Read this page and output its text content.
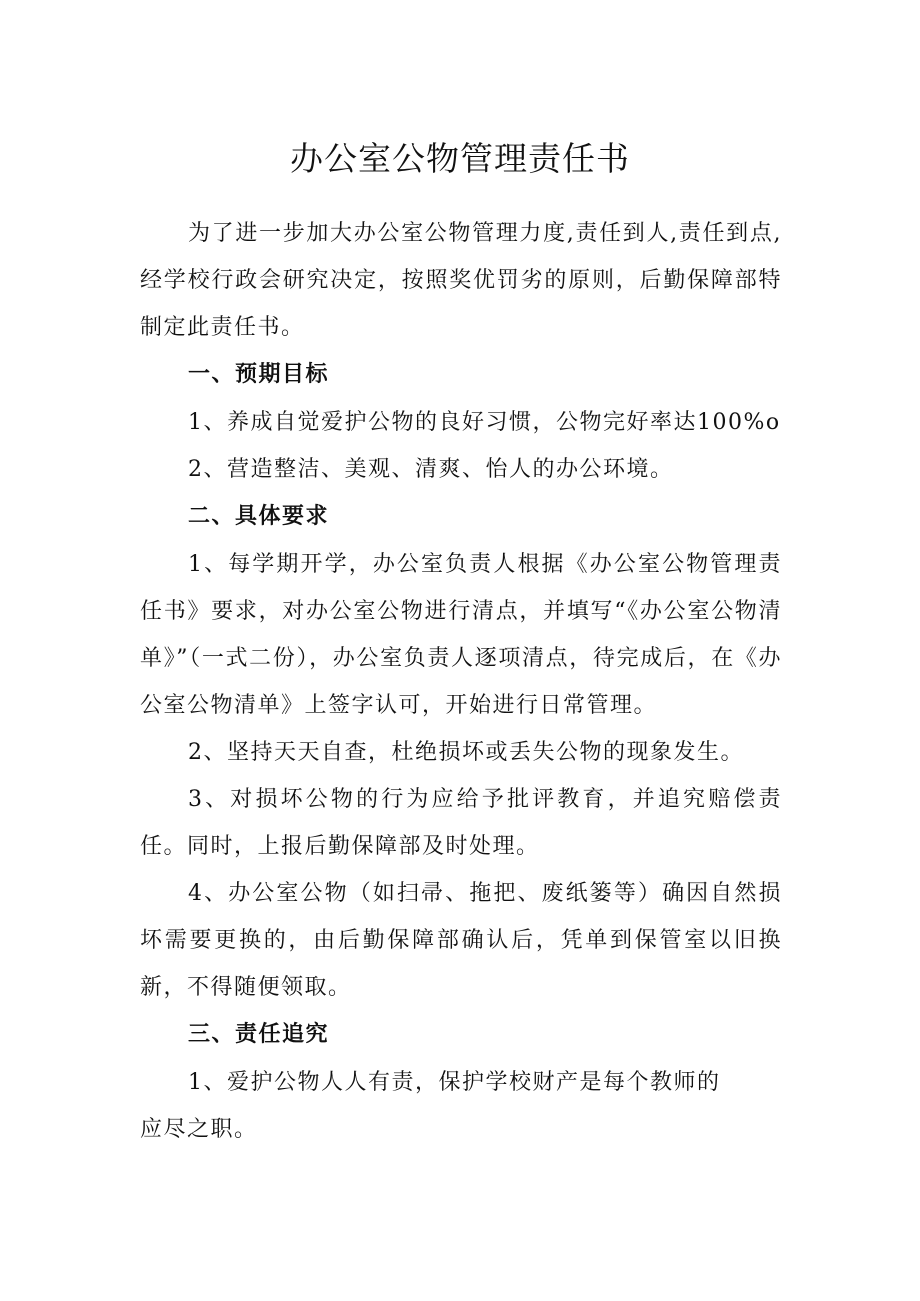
办公室公物管理责任书

为了进一步加大办公室公物管理力度,责任到人,责任到点,经学校行政会研究决定，按照奖优罚劣的原则，后勤保障部特制定此责任书。

一、预期目标

1、养成自觉爱护公物的良好习惯，公物完好率达100%o

2、营造整洁、美观、清爽、怡人的办公环境。

二、具体要求

1、每学期开学，办公室负责人根据《办公室公物管理责任书》要求，对办公室公物进行清点，并填写“《办公室公物清单》”（一式二份），办公室负责人逐项清点，待完成后，在《办公室公物清单》上签字认可，开始进行日常管理。

2、坚持天天自查，杜绝损坏或丢失公物的现象发生。

3、对损坏公物的行为应给予批评教育，并追究赔偿责任。同时，上报后勤保障部及时处理。

4、办公室公物（如扫帚、拖把、废纸篓等）确因自然损坏需要更换的，由后勤保障部确认后，凭单到保管室以旧换新，不得随便领取。

三、责任追究

1、爱护公物人人有责，保护学校财产是每个教师的应尽之职。
